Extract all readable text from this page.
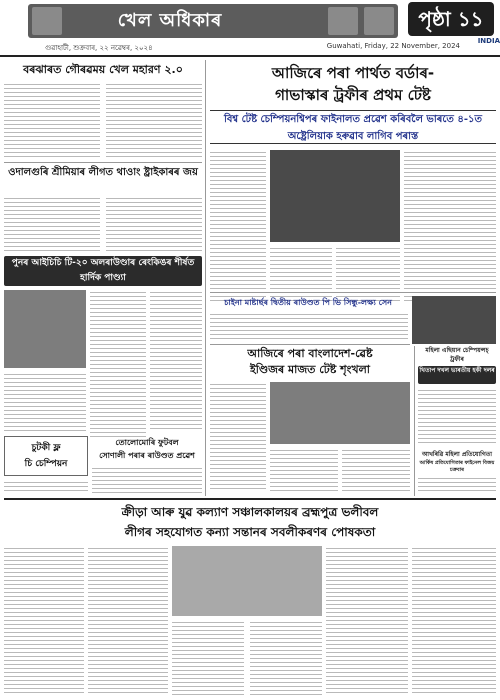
খেল অধিকাৰ	পৃষ্ঠা ১১
INDIA
গুৱাহাটী, শুক্ৰবাৰ, ২২ নৱেম্বৰ, ২০২৪	Guwahati, Friday, 22 November, 2024
বৰঝাৰত গৌৰৱময় খেল মহারণ ২.০
ওদালগুৰি শ্ৰীমিয়াৰ লীগত থাওাং ষ্ট্ৰাইকাৰৰ জয়
পুনৰ আইচিচি টি-২০ অলৰাউণ্ডাৰ ৰেংকিঙৰ শীৰ্ষত হাৰ্দিক পাণ্ড্যা
চুটকী ফ্ল
চি চেম্পিয়ন
তোলোমোৰি ফুটবল
সোণালী পৰাৰ ৰাউণ্ডত প্ৰৱেশ
আজিৰে পৰা পাৰ্থত বৰ্ডাৰ-
গাভাস্কাৰ ট্ৰফীৰ প্ৰথম টেষ্ট
বিশ্ব টেষ্ট চেম্পিয়নশ্বিপৰ ফাইনালত প্ৰৱেশ কৰিবলৈ ভাৰতে ৪-১ত অষ্ট্ৰেলিয়াক হৰুৱাব লাগিব পৰাস্ত
চাইনা মাষ্টাৰ্ছৰ দ্বিতীয় ৰাউণ্ডত পি ভি সিন্ধু-লক্ষ্য সেন
আজিৰে পৰা বাংলাদেশ-ৱেষ্ট
ইণ্ডিজৰ মাজত টেষ্ট শৃংখলা
মহিলা এছিয়ান চেম্পিয়ন্সচ্ ট্ৰফীৰ
খিতাপ দখল ভাৰতীয় হকী দলৰ
আখৰিৱি মহিলা প্ৰতিযোগিতা
আৰ্কিষ প্ৰতিযোগিতাৰ ফাইনেল বিজয় চক্ৰবাৰ
ক্ৰীড়া আৰু যুৱ কল্যাণ সঞ্চালকালয়ৰ ব্ৰহ্মপুত্ৰ ভলীবল
লীগৰ সহযোগত কন্যা সন্তানৰ সবলীকৰণৰ পোষকতা
